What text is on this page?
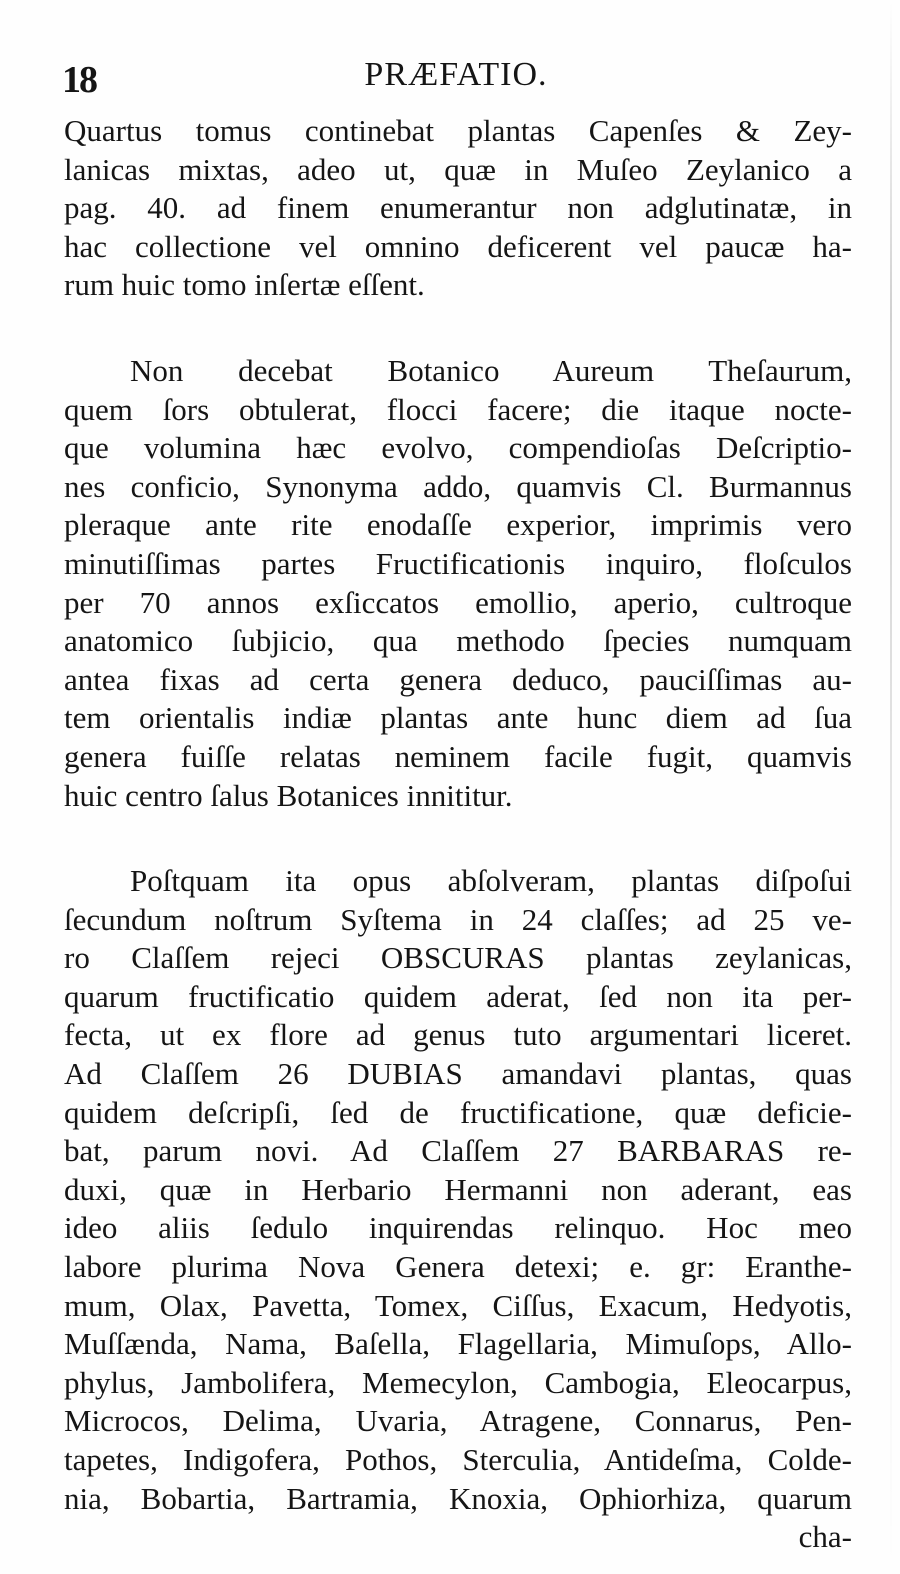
18	PRÆFATIO.

Quartus tomus continebat plantas Capenſes & Zey-
lanicas mixtas, adeo ut, quæ in Muſeo Zeylanico a
pag. 40. ad finem enumerantur non adglutinatæ, in
hac collectione vel omnino deficerent vel paucæ ha-
rum huic tomo inſertæ eſſent.

Non decebat Botanico Aureum Theſaurum,
quem ſors obtulerat, flocci facere; die itaque nocte-
que volumina hæc evolvo, compendioſas Deſcriptio-
nes conficio, Synonyma addo, quamvis Cl. Burmannus
pleraque ante rite enodaſſe experior, imprimis vero
minutiſſimas partes Fructificationis inquiro, floſculos
per 70 annos exſiccatos emollio, aperio, cultroque
anatomico ſubjicio, qua methodo ſpecies numquam
antea fixas ad certa genera deduco, pauciſſimas au-
tem orientalis indiæ plantas ante hunc diem ad ſua
genera fuiſſe relatas neminem facile fugit, quamvis
huic centro ſalus Botanices innititur.

Poſtquam ita opus abſolveram, plantas diſpoſui
ſecundum noſtrum Syſtema in 24 claſſes; ad 25 ve-
ro Claſſem rejeci OBSCURAS plantas zeylanicas,
quarum fructificatio quidem aderat, ſed non ita per-
fecta, ut ex flore ad genus tuto argumentari liceret.
Ad Claſſem 26 DUBIAS amandavi plantas, quas
quidem deſcripſi, ſed de fructificatione, quæ deficie-
bat, parum novi. Ad Claſſem 27 BARBARAS re-
duxi, quæ in Herbario Hermanni non aderant, eas
ideo aliis ſedulo inquirendas relinquo. Hoc meo
labore plurima Nova Genera detexi; e. gr: Eranthe-
mum, Olax, Pavetta, Tomex, Ciſſus, Exacum, Hedyotis,
Muſſænda, Nama, Baſella, Flagellaria, Mimuſops, Allo-
phylus, Jambolifera, Memecylon, Cambogia, Eleocarpus,
Microcos, Delima, Uvaria, Atragene, Connarus, Pen-
tapetes, Indigofera, Pothos, Sterculia, Antideſma, Colde-
nia, Bobartia, Bartramia, Knoxia, Ophiorhiza, quarum

cha-
